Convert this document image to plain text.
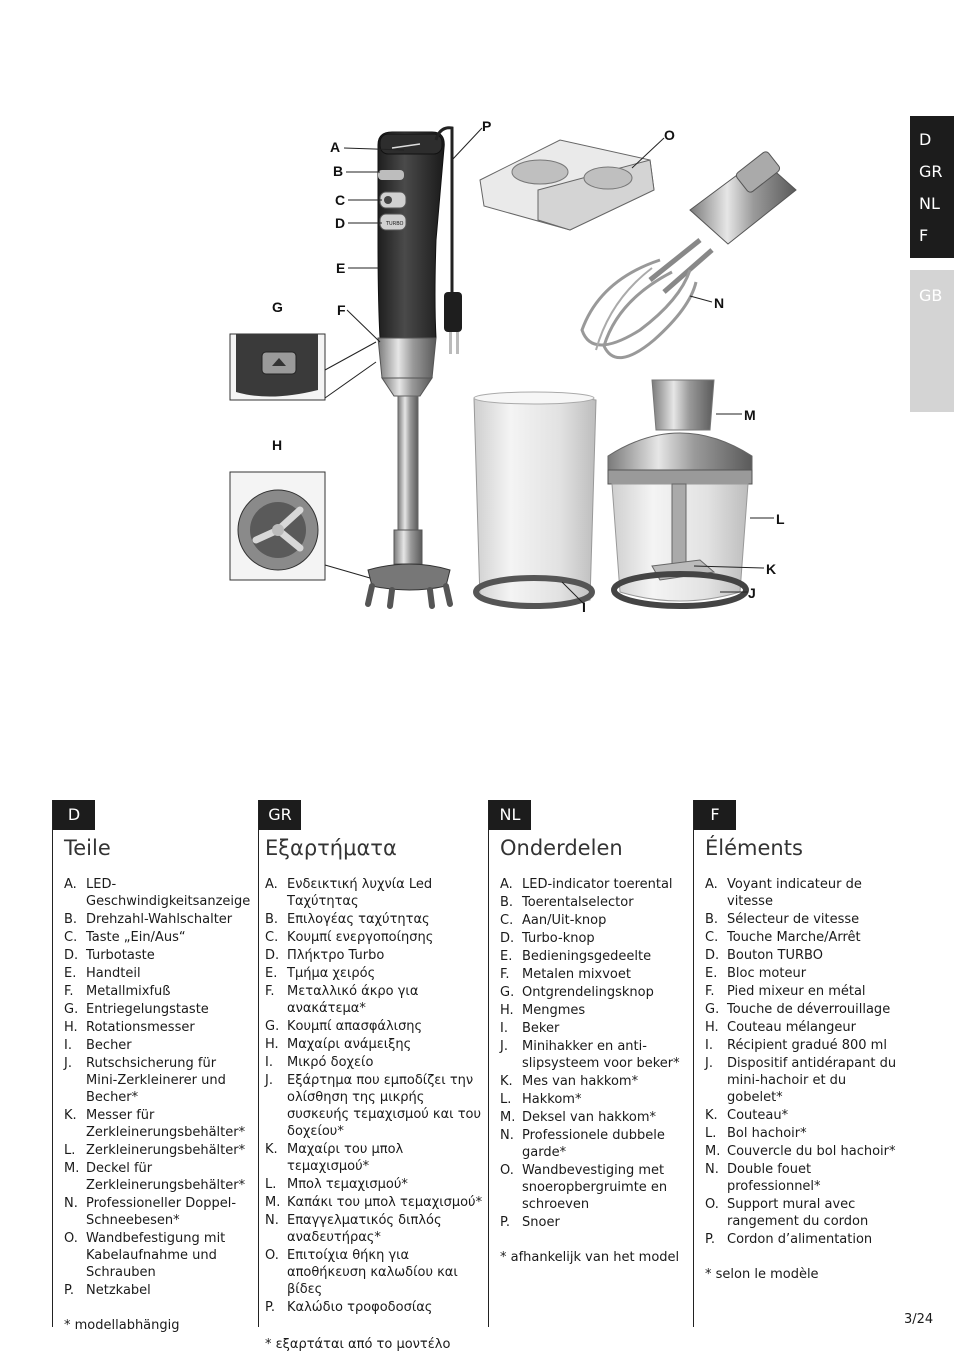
D
GR
NL
F
GB
TURBO
A
B
C
D
E
F
G
H
I
J
K
L
M
N
O
P
D
Teile
A. LED-Geschwindigkeitsanzeige
B. Drehzahl-Wahlschalter
C. Taste „Ein/Aus“
D. Turbotaste
E. Handteil
F. Metallmixfuß
G. Entriegelungstaste
H. Rotationsmesser
I. Becher
J. Rutschsicherung für Mini-Zerkleinerer und Becher*
K. Messer für Zerkleinerungsbehälter*
L. Zerkleinerungsbehälter*
M. Deckel für Zerkleinerungsbehälter*
N. Professioneller Doppel-Schneebesen*
O. Wandbefestigung mit Kabelaufnahme und Schrauben
P. Netzkabel
* modellabhängig
GR
Εξαρτήματα
A. Ενδεικτική λυχνία Led Ταχύτητας
B. Επιλογέας ταχύτητας
C. Κουμπί ενεργοποίησης
D. Πλήκτρο Turbo
E. Τμήμα χειρός
F. Μεταλλικό άκρο για ανακάτεμα*
G. Κουμπί απασφάλισης
H. Μαχαίρι ανάμειξης
I. Μικρό δοχείο
J. Εξάρτημα που εμποδίζει την ολίσθηση της μικρής συσκευής τεμαχισμού και του δοχείου*
K. Μαχαίρι του μπολ τεμαχισμού*
L. Μπολ τεμαχισμού*
M. Καπάκι του μπολ τεμαχισμού*
N. Επαγγελματικός διπλός αναδευτήρας*
O. Επιτοίχια θήκη για αποθήκευση καλωδίου και βίδες
P. Καλώδιο τροφοδοσίας
* εξαρτάται από το μοντέλο
NL
Onderdelen
A. LED-indicator toerental
B. Toerentalselector
C. Aan/Uit-knop
D. Turbo-knop
E. Bedieningsgedeelte
F. Metalen mixvoet
G. Ontgrendelingsknop
H. Mengmes
I. Beker
J. Minihakker en anti-slipsysteem voor beker*
K. Mes van hakkom*
L. Hakkom*
M. Deksel van hakkom*
N. Professionele dubbele garde*
O. Wandbevestiging met snoeropbergruimte en schroeven
P. Snoer
* afhankelijk van het model
F
Éléments
A. Voyant indicateur de vitesse
B. Sélecteur de vitesse
C. Touche Marche/Arrêt
D. Bouton TURBO
E. Bloc moteur
F. Pied mixeur en métal
G. Touche de déverrouillage
H. Couteau mélangeur
I. Récipient gradué 800 ml
J. Dispositif antidérapant du mini-hachoir et du gobelet*
K. Couteau*
L. Bol hachoir*
M. Couvercle du bol hachoir*
N. Double fouet professionnel*
O. Support mural avec rangement du cordon
P. Cordon d’alimentation
* selon le modèle
3/24
